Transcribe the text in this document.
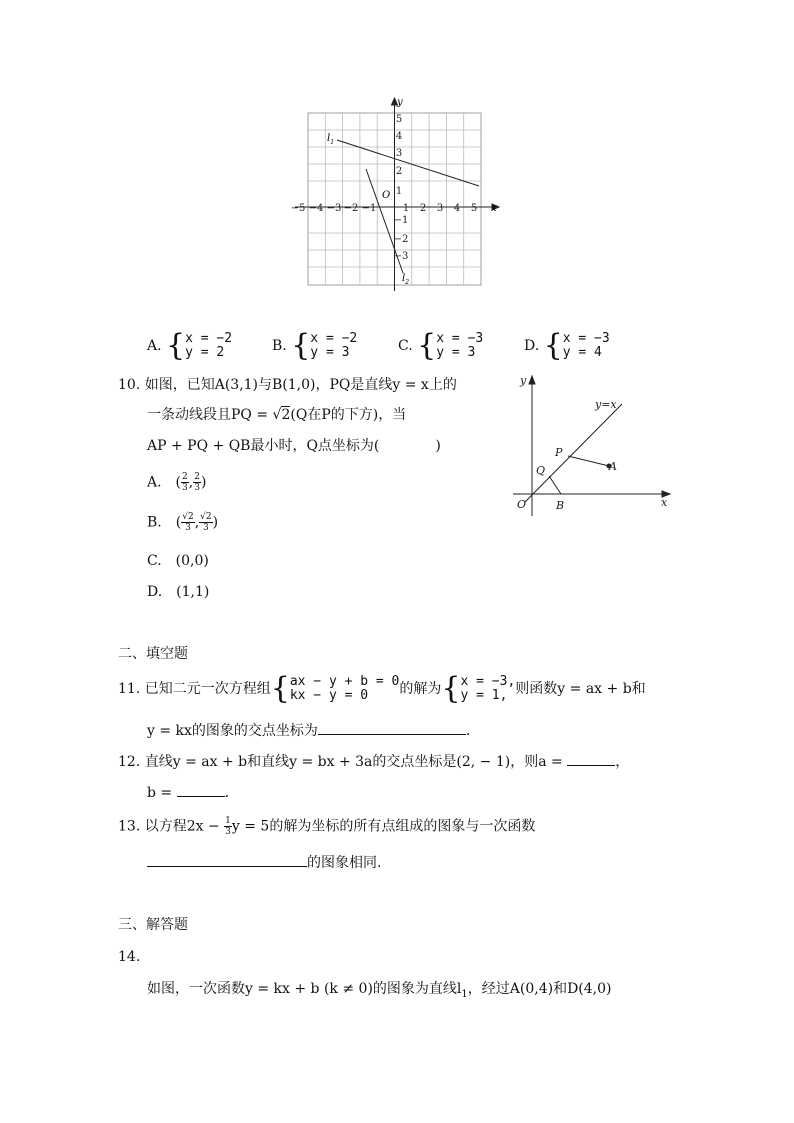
−5 −4 −3 −2 −1	1 2 3 4 5
5
4
3
2
1
−1
−2
−3
x
y
O
$l_1$
$l_2$
A. { x = −2
y = 2	B. { x = −2
y = 3	C. { x = −3
y = 3	D. { x = −3
y = 4
10. 如图，已知A(3,1)与B(1,0)，PQ是直线y = x上的
一条动线段且PQ = √2(Q在P的下方)，当
AP + PQ + QB最小时，Q点坐标为(　　　　)
A.　( $\frac{2}{3}$ , $\frac{2}{3}$ )
B.　( $\frac{√2}{3}$ , $\frac{√2}{3}$ )
C.　(0,0)
D.　(1,1)
y=x
P
Q	A
B
O	x
y
二、填空题
11. 已知二元一次方程组{ ax − y + b = 0
kx − y = 0	的解为{ x = −3,
y = 1, 则函数y = ax + b和
y = kx的图象的交点坐标为	.
12. 直线y = ax + b和直线y = bx + 3a的交点坐标是(2, − 1)，则a =	，
b =	.
13. 以方程$2x - \frac{1}{3}$ y = 5的解为坐标的所有点组成的图象与一次函数
的图象相同.
三、解答题
14.
如图，一次函数y = kx + b (k ≠ 0)的图象为直线$l_1$，经过A(0,4)和D(4,0)
